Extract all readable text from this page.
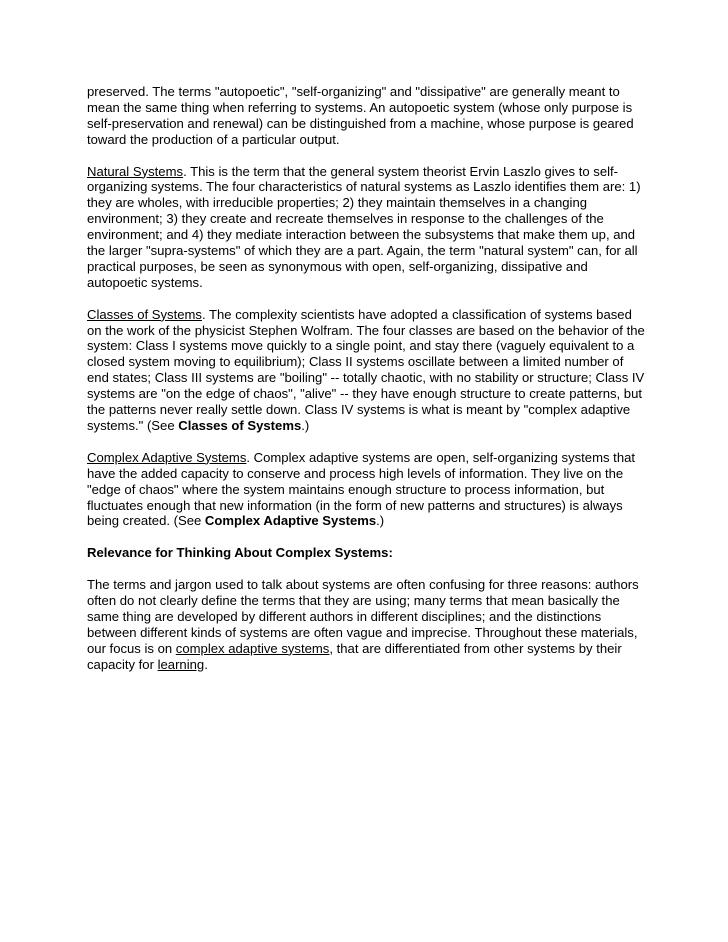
preserved. The terms "autopoetic", "self-organizing" and "dissipative" are generally meant to mean the same thing when referring to systems. An autopoetic system (whose only purpose is self-preservation and renewal) can be distinguished from a machine, whose purpose is geared toward the production of a particular output.

Natural Systems. This is the term that the general system theorist Ervin Laszlo gives to self-organizing systems. The four characteristics of natural systems as Laszlo identifies them are: 1) they are wholes, with irreducible properties; 2) they maintain themselves in a changing environment; 3) they create and recreate themselves in response to the challenges of the environment; and 4) they mediate interaction between the subsystems that make them up, and the larger "supra-systems" of which they are a part. Again, the term "natural system" can, for all practical purposes, be seen as synonymous with open, self-organizing, dissipative and autopoetic systems.

Classes of Systems. The complexity scientists have adopted a classification of systems based on the work of the physicist Stephen Wolfram. The four classes are based on the behavior of the system: Class I systems move quickly to a single point, and stay there (vaguely equivalent to a closed system moving to equilibrium); Class II systems oscillate between a limited number of end states; Class III systems are "boiling" -- totally chaotic, with no stability or structure; Class IV systems are "on the edge of chaos", "alive" -- they have enough structure to create patterns, but the patterns never really settle down. Class IV systems is what is meant by "complex adaptive systems." (See Classes of Systems.)

Complex Adaptive Systems. Complex adaptive systems are open, self-organizing systems that have the added capacity to conserve and process high levels of information. They live on the "edge of chaos" where the system maintains enough structure to process information, but fluctuates enough that new information (in the form of new patterns and structures) is always being created. (See Complex Adaptive Systems.)

Relevance for Thinking About Complex Systems:

The terms and jargon used to talk about systems are often confusing for three reasons: authors often do not clearly define the terms that they are using; many terms that mean basically the same thing are developed by different authors in different disciplines; and the distinctions between different kinds of systems are often vague and imprecise. Throughout these materials, our focus is on complex adaptive systems, that are differentiated from other systems by their capacity for learning.
